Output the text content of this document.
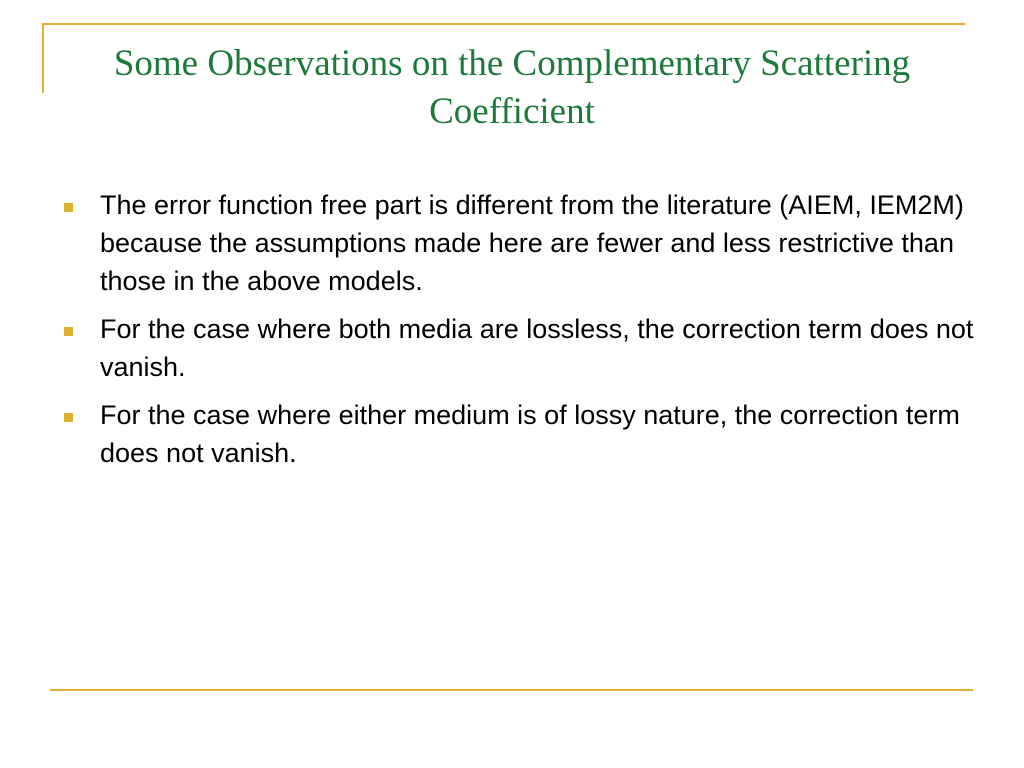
Some Observations on the Complementary Scattering Coefficient
The error function free part is different from the literature (AIEM, IEM2M) because the assumptions made here are fewer and less restrictive than those in the above models.
For the case where both media are lossless, the correction term does not vanish.
For the case where either medium is of lossy nature, the correction term does not vanish.
